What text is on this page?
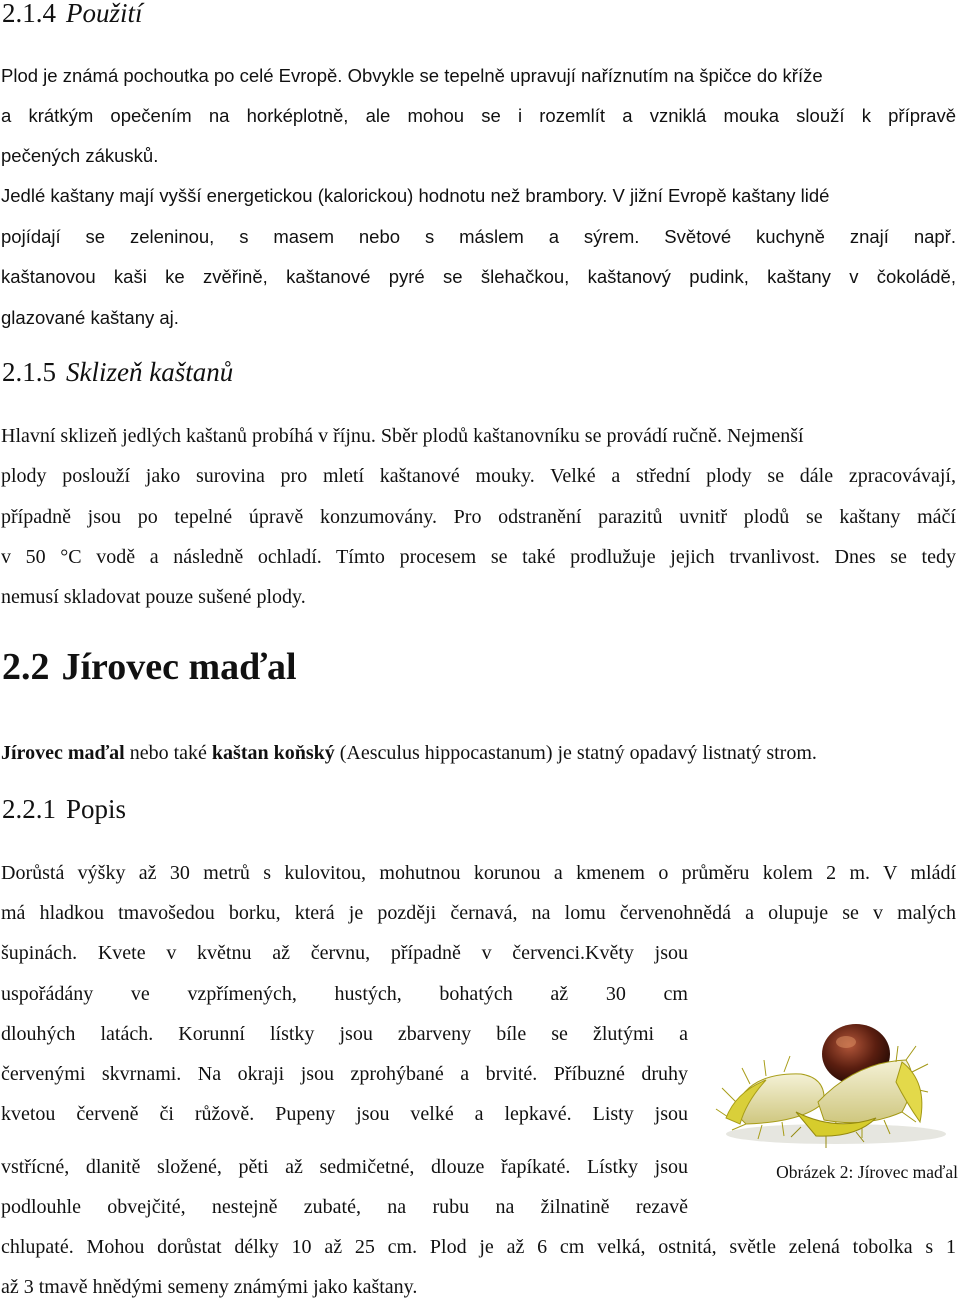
2.1.4 Použití
Plod je známá pochoutka po celé Evropě. Obvykle se tepelně upravují naříznutím na špičce do kříže
a krátkým opečením na horképlotně, ale mohou se i rozemlít a vzniklá mouka slouží k přípravě
pečených zákusků.
Jedlé kaštany mají vyšší energetickou (kalorickou) hodnotu než brambory. V jižní Evropě kaštany lidé
pojídají se zeleninou, s masem nebo s máslem a sýrem. Světové kuchyně znají např.
kaštanovou kaši ke zvěřině, kaštanové pyré se šlehačkou, kaštanový pudink, kaštany v čokoládě,
glazované kaštany aj.
2.1.5 Sklizeň kaštanů
Hlavní sklizeň jedlých kaštanů probíhá v říjnu. Sběr plodů kaštanovníku se provádí ručně. Nejmenší
plody poslouží jako surovina pro mletí kaštanové mouky. Velké a střední plody se dále zpracovávají,
případně jsou po tepelné úpravě konzumovány. Pro odstranění parazitů uvnitř plodů se kaštany máčí
v 50 °C vodě a následně ochladí. Tímto procesem se také prodlužuje jejich trvanlivost. Dnes se tedy
nemusí skladovat pouze sušené plody.
2.2 Jírovec maďal
Jírovec maďal nebo také kaštan koňský (Aesculus hippocastanum) je statný opadavý listnatý strom.
2.2.1 Popis
Dorůstá výšky až 30 metrů s kulovitou, mohutnou korunou a kmenem o průměru kolem 2 m. V mládí
má hladkou tmavošedou borku, která je později černavá, na lomu červenohnědá a olupuje se v malých
šupinách. Kvete v květnu až červnu, případně v červenci.Květy jsou
uspořádány ve vzpřímených, hustých, bohatých až 30 cm
dlouhých latách. Korunní lístky jsou zbarveny bíle se žlutými a
červenými skvrnami. Na okraji jsou zprohýbané a brvité. Příbuzné druhy
kvetou červeně či růžově. Pupeny jsou velké a lepkavé. Listy jsou
vstřícné, dlanitě složené, pěti až sedmičetné, dlouze řapíkaté. Lístky jsou
podlouhle obvejčité, nestejně zubaté, na rubu na žilnatině rezavě
chlupaté. Mohou dorůstat délky 10 až 25 cm. Plod je až 6 cm velká, ostnitá, světle zelená tobolka s 1
až 3 tmavě hnědými semeny známými jako kaštany.
Obrázek 2: Jírovec maďal
